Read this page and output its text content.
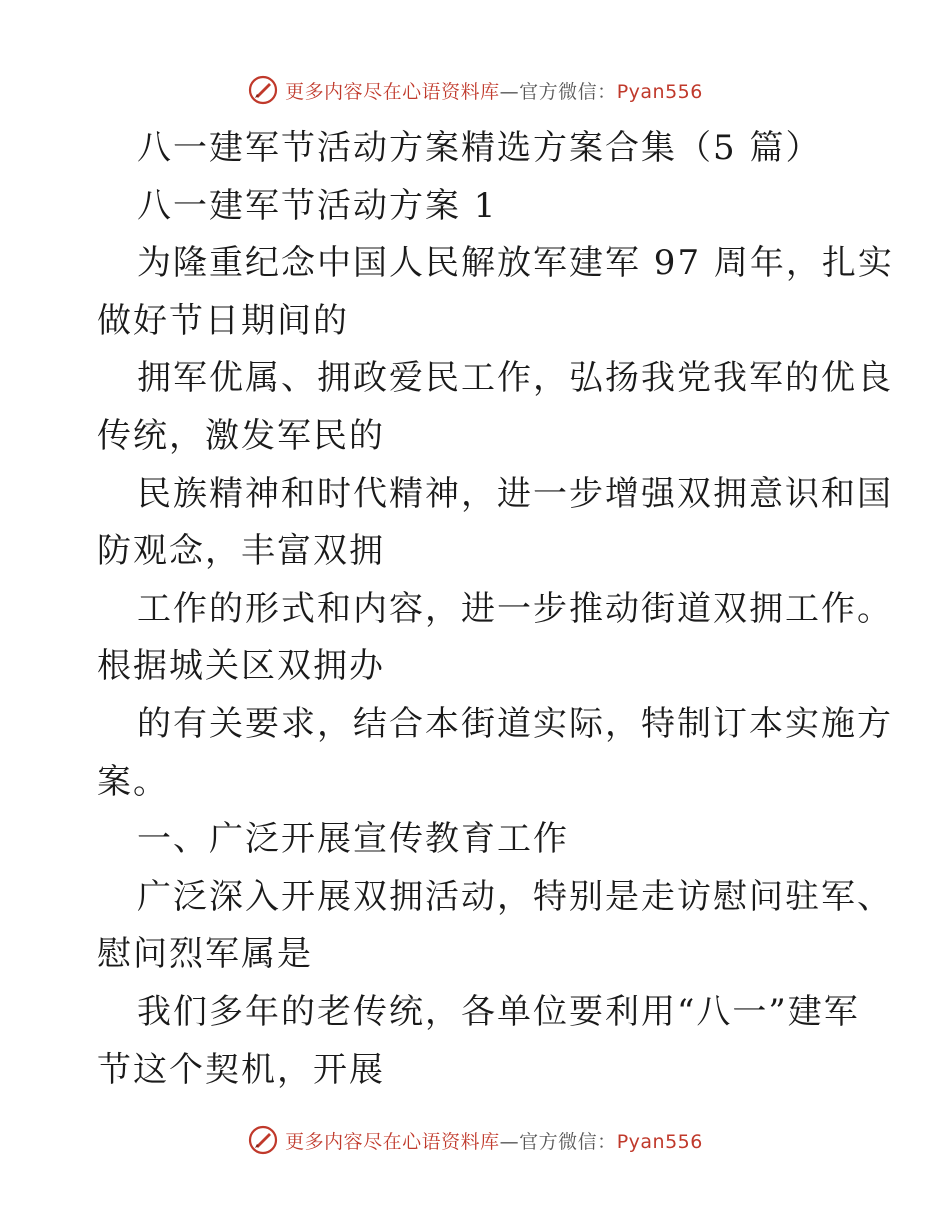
更多内容尽在心语资料库—官方微信：Pyan556
八一建军节活动方案精选方案合集（5 篇）
八一建军节活动方案 1
为隆重纪念中国人民解放军建军 97 周年，扎实
做好节日期间的
拥军优属、拥政爱民工作，弘扬我党我军的优良
传统，激发军民的
民族精神和时代精神，进一步增强双拥意识和国
防观念，丰富双拥
工作的形式和内容，进一步推动街道双拥工作。
根据城关区双拥办
的有关要求，结合本街道实际，特制订本实施方
案。
一、广泛开展宣传教育工作
广泛深入开展双拥活动，特别是走访慰问驻军、
慰问烈军属是
我们多年的老传统，各单位要利用“八一”建军
节这个契机，开展
更多内容尽在心语资料库—官方微信：Pyan556
